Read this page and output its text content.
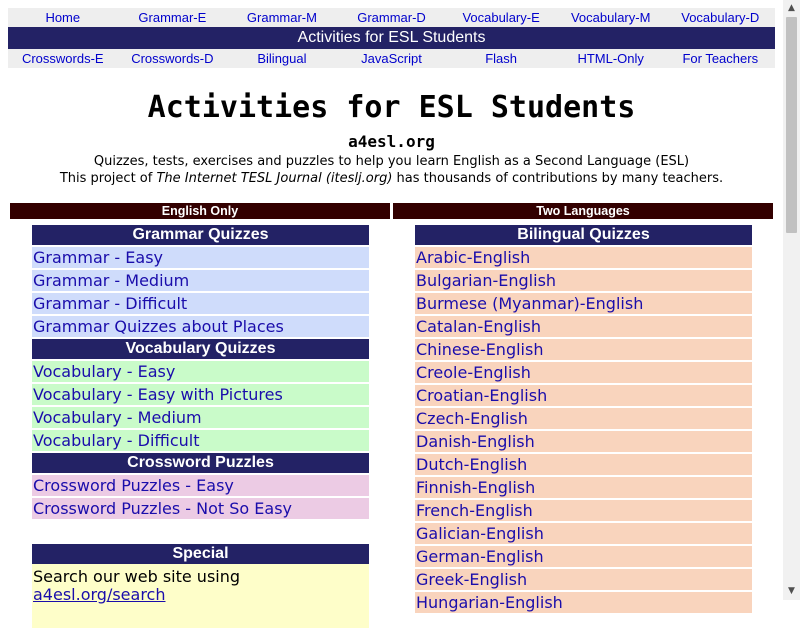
Home	Grammar-E	Grammar-M	Grammar-D	Vocabulary-E	Vocabulary-M	Vocabulary-D
Activities for ESL Students
Crosswords-E	Crosswords-D	Bilingual	JavaScript	Flash	HTML-Only	For Teachers
Activities for ESL Students
a4esl.org
Quizzes, tests, exercises and puzzles to help you learn English as a Second Language (ESL)
This project of The Internet TESL Journal (iteslj.org) has thousands of contributions by many teachers.
English Only	Two Languages
Grammar Quizzes
Grammar - Easy
Grammar - Medium
Grammar - Difficult
Grammar Quizzes about Places
Vocabulary Quizzes
Vocabulary - Easy
Vocabulary - Easy with Pictures
Vocabulary - Medium
Vocabulary - Difficult
Crossword Puzzles
Crossword Puzzles - Easy
Crossword Puzzles - Not So Easy
Special
Search our web site using
a4esl.org/search
Bilingual Quizzes
Arabic-English
Bulgarian-English
Burmese (Myanmar)-English
Catalan-English
Chinese-English
Creole-English
Croatian-English
Czech-English
Danish-English
Dutch-English
Finnish-English
French-English
Galician-English
German-English
Greek-English
Hungarian-English
▲
▼
